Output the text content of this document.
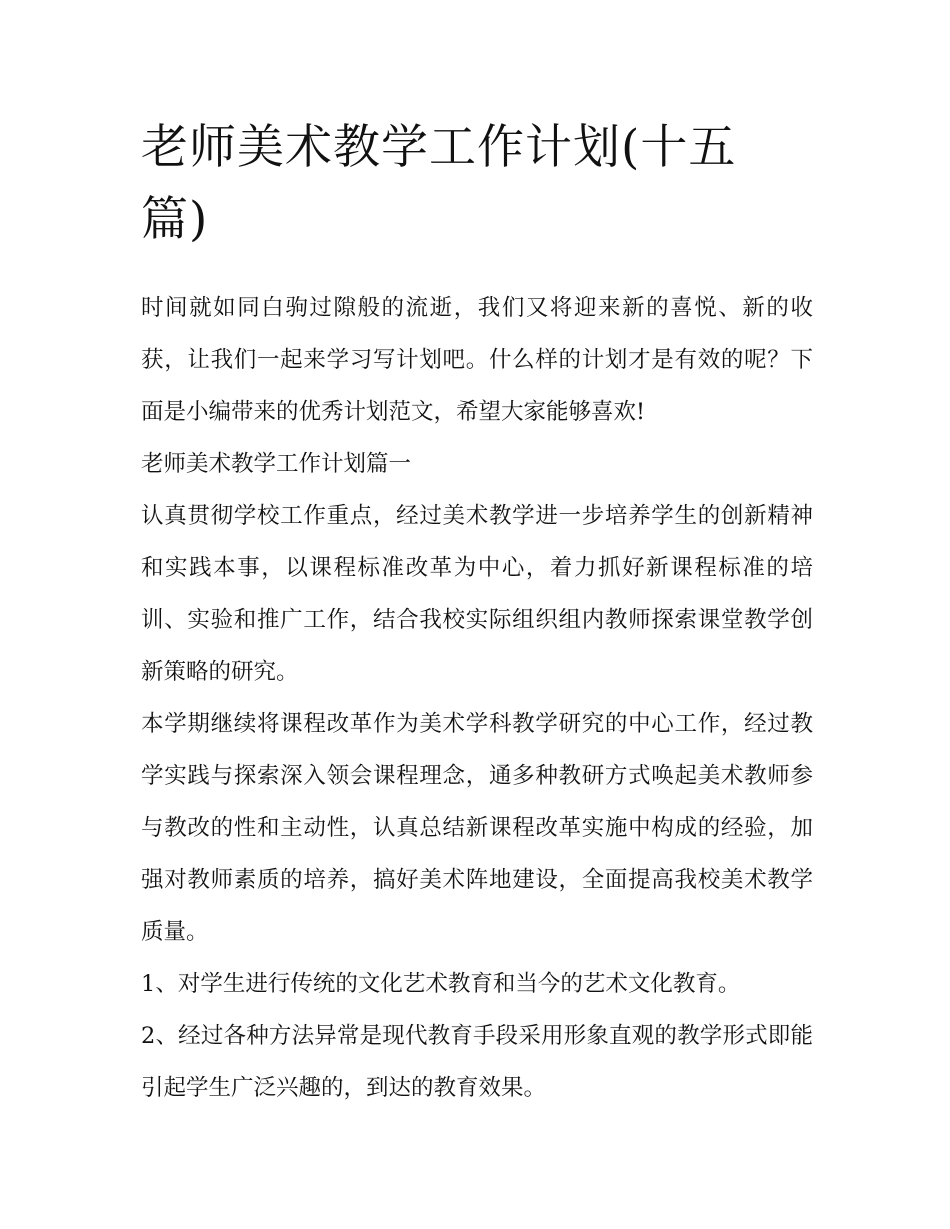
老师美术教学工作计划(十五篇)

时间就如同白驹过隙般的流逝，我们又将迎来新的喜悦、新的收获，让我们一起来学习写计划吧。什么样的计划才是有效的呢？下面是小编带来的优秀计划范文，希望大家能够喜欢!

老师美术教学工作计划篇一

认真贯彻学校工作重点，经过美术教学进一步培养学生的创新精神和实践本事，以课程标准改革为中心，着力抓好新课程标准的培训、实验和推广工作，结合我校实际组织组内教师探索课堂教学创新策略的研究。

本学期继续将课程改革作为美术学科教学研究的中心工作，经过教学实践与探索深入领会课程理念，通多种教研方式唤起美术教师参与教改的性和主动性，认真总结新课程改革实施中构成的经验，加强对教师素质的培养，搞好美术阵地建设，全面提高我校美术教学质量。

1、对学生进行传统的文化艺术教育和当今的艺术文化教育。

2、经过各种方法异常是现代教育手段采用形象直观的教学形式即能引起学生广泛兴趣的，到达的教育效果。
